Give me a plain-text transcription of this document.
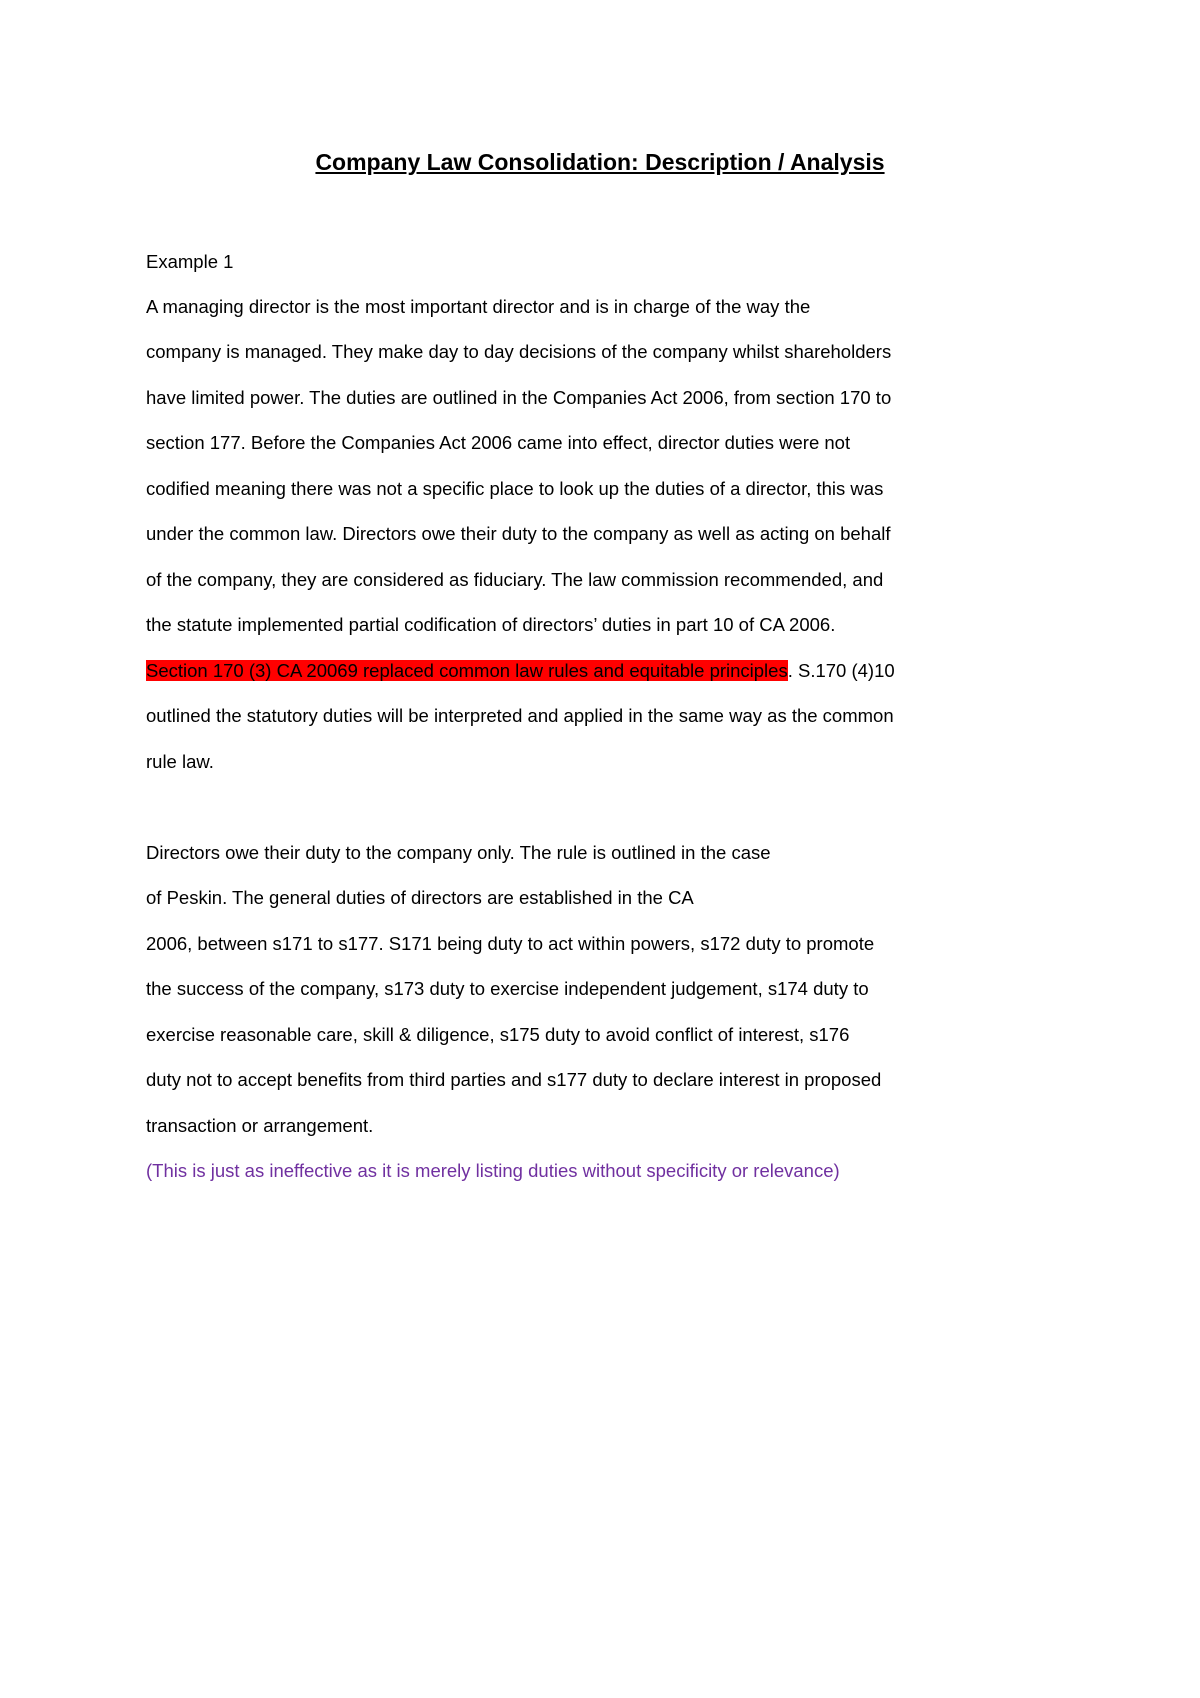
Company Law Consolidation: Description / Analysis
Example 1
A managing director is the most important director and is in charge of the way the
company is managed. They make day to day decisions of the company whilst shareholders
have limited power. The duties are outlined in the Companies Act 2006, from section 170 to
section 177. Before the Companies Act 2006 came into effect, director duties were not
codified meaning there was not a specific place to look up the duties of a director, this was
under the common law. Directors owe their duty to the company as well as acting on behalf
of the company, they are considered as fiduciary. The law commission recommended, and
the statute implemented partial codification of directors’ duties in part 10 of CA 2006.
Section 170 (3) CA 20069 replaced common law rules and equitable principles. S.170 (4)10
outlined the statutory duties will be interpreted and applied in the same way as the common
rule law.
Directors owe their duty to the company only. The rule is outlined in the case
of Peskin. The general duties of directors are established in the CA
2006, between s171 to s177. S171 being duty to act within powers, s172 duty to promote
the success of the company, s173 duty to exercise independent judgement, s174 duty to
exercise reasonable care, skill & diligence, s175 duty to avoid conflict of interest, s176
duty not to accept benefits from third parties and s177 duty to declare interest in proposed
transaction or arrangement.
(This is just as ineffective as it is merely listing duties without specificity or relevance)
